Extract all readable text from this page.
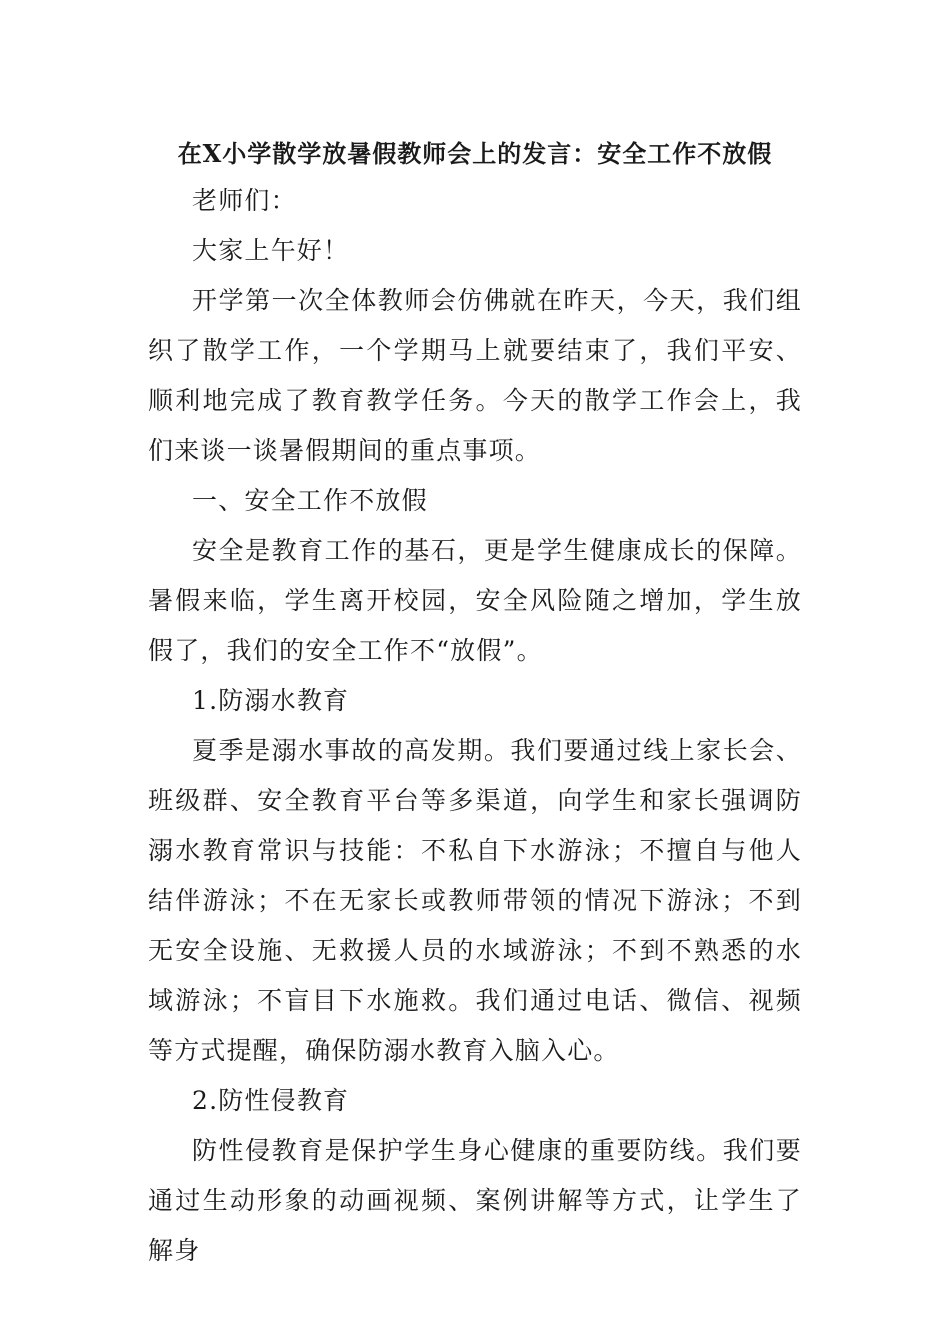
在X小学散学放暑假教师会上的发言：安全工作不放假

老师们：

大家上午好！

开学第一次全体教师会仿佛就在昨天，今天，我们组织了散学工作，一个学期马上就要结束了，我们平安、顺利地完成了教育教学任务。今天的散学工作会上，我们来谈一谈暑假期间的重点事项。

一、安全工作不放假

安全是教育工作的基石，更是学生健康成长的保障。暑假来临，学生离开校园，安全风险随之增加，学生放假了，我们的安全工作不“放假”。

1.防溺水教育

夏季是溺水事故的高发期。我们要通过线上家长会、班级群、安全教育平台等多渠道，向学生和家长强调防溺水教育常识与技能：不私自下水游泳；不擅自与他人结伴游泳；不在无家长或教师带领的情况下游泳；不到无安全设施、无救援人员的水域游泳；不到不熟悉的水域游泳；不盲目下水施救。我们通过电话、微信、视频等方式提醒，确保防溺水教育入脑入心。

2.防性侵教育

防性侵教育是保护学生身心健康的重要防线。我们要通过生动形象的动画视频、案例讲解等方式，让学生了解身
